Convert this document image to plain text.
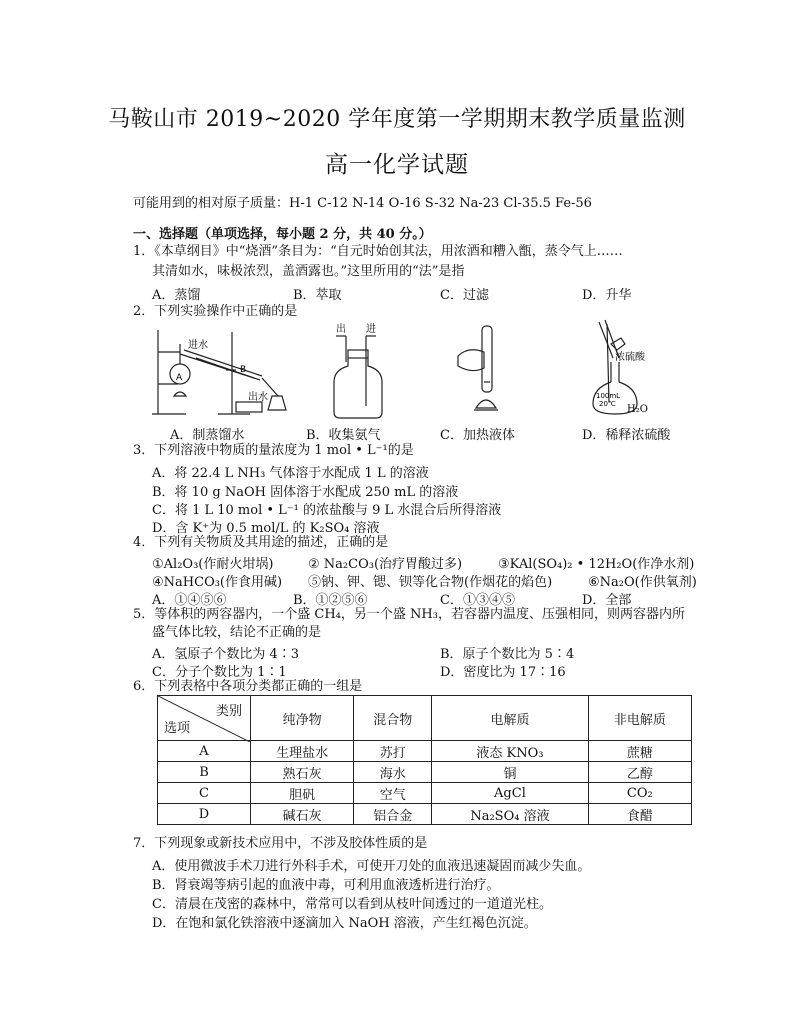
马鞍山市 2019~2020 学年度第一学期期末教学质量监测
高一化学试题
可能用到的相对原子质量：H-1 C-12 N-14 O-16 S-32 Na-23 Cl-35.5 Fe-56
一、选择题（单项选择，每小题 2 分，共 40 分。）
1．《本草纲目》中“烧酒”条目为：“自元时始创其法，用浓酒和糟入甑，蒸令气上……
其清如水，味极浓烈，盖酒露也。”这里所用的“法”是指
A．蒸馏	B．萃取	C．过滤	D．升华
2．下列实验操作中正确的是
进水
A
B
出水
出 进
浓硫酸
100mL
20℃ H₂O
A．制蒸馏水	B．收集氨气	C．加热液体	D．稀释浓硫酸
3．下列溶液中物质的量浓度为 1 mol • L⁻¹的是
A．将 22.4 L NH₃ 气体溶于水配成 1 L 的溶液
B．将 10 g NaOH 固体溶于水配成 250 mL 的溶液
C．将 1 L 10 mol • L⁻¹ 的浓盐酸与 9 L 水混合后所得溶液
D．含 K⁺为 0.5 mol/L 的 K₂SO₄ 溶液
4．下列有关物质及其用途的描述，正确的是
①Al₂O₃(作耐火坩埚)	② Na₂CO₃(治疗胃酸过多)	③KAl(SO₄)₂ • 12H₂O(作净水剂)
④NaHCO₃(作食用碱) ⑤钠、钾、锶、钡等化合物(作烟花的焰色)	⑥Na₂O(作供氧剂)
A．①④⑤⑥	B．①②⑤⑥	C．①③④⑤	D．全部
5．等体积的两容器内，一个盛 CH₄，另一个盛 NH₃，若容器内温度、压强相同，则两容器内所
盛气体比较，结论不正确的是
A．氢原子个数比为 4∶3	B．原子个数比为 5∶4
C．分子个数比为 1∶1	D．密度比为 17∶16
6．下列表格中各项分类都正确的一组是
类别
选项	纯净物	混合物	电解质	非电解质
A	生理盐水	苏打	液态 KNO₃	蔗糖
B	熟石灰	海水	铜	乙醇
C	胆矾	空气	AgCl	CO₂
D	碱石灰	铝合金	Na₂SO₄ 溶液	食醋
7．下列现象或新技术应用中，不涉及胶体性质的是
A．使用微波手术刀进行外科手术，可使开刀处的血液迅速凝固而减少失血。
B．肾衰竭等病引起的血液中毒，可利用血液透析进行治疗。
C．清晨在茂密的森林中，常常可以看到从枝叶间透过的一道道光柱。
D．在饱和氯化铁溶液中逐滴加入 NaOH 溶液，产生红褐色沉淀。
